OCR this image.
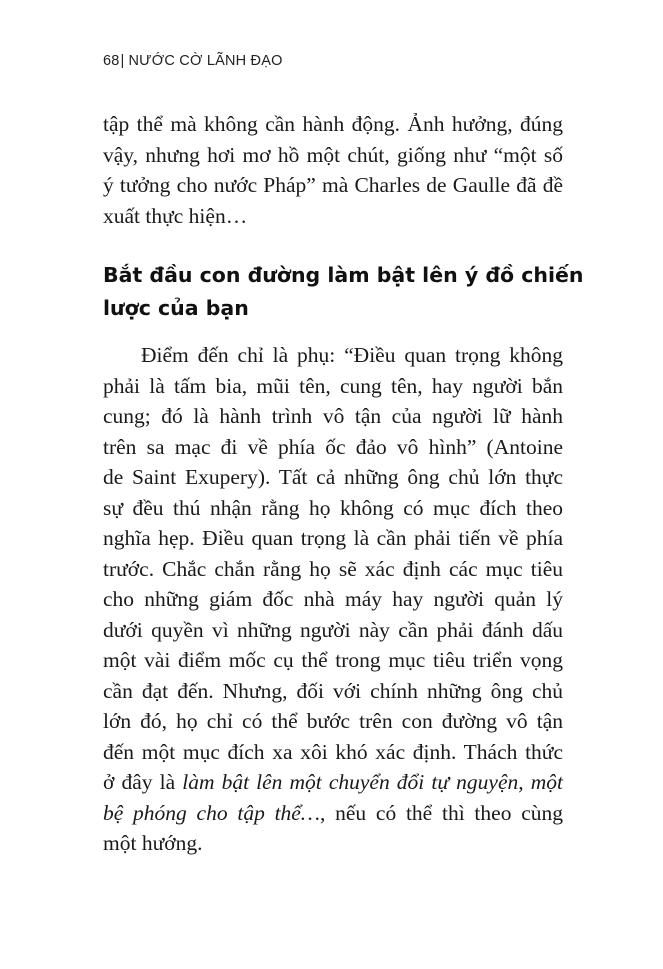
68| NƯỚC CỜ LÃNH ĐẠO
tập thể mà không cần hành động. Ảnh hưởng, đúng
vậy, nhưng hơi mơ hồ một chút, giống như “một số
ý tưởng cho nước Pháp” mà Charles de Gaulle đã đề
xuất thực hiện…
Bắt đầu con đường làm bật lên ý đồ chiến
lược của bạn
Điểm đến chỉ là phụ: “Điều quan trọng không
phải là tấm bia, mũi tên, cung tên, hay người bắn
cung; đó là hành trình vô tận của người lữ hành
trên sa mạc đi về phía ốc đảo vô hình” (Antoine
de Saint Exupery). Tất cả những ông chủ lớn thực
sự đều thú nhận rằng họ không có mục đích theo
nghĩa hẹp. Điều quan trọng là cần phải tiến về phía
trước. Chắc chắn rằng họ sẽ xác định các mục tiêu
cho những giám đốc nhà máy hay người quản lý
dưới quyền vì những người này cần phải đánh dấu
một vài điểm mốc cụ thể trong mục tiêu triển vọng
cần đạt đến. Nhưng, đối với chính những ông chủ
lớn đó, họ chỉ có thể bước trên con đường vô tận
đến một mục đích xa xôi khó xác định. Thách thức
ở đây là làm bật lên một chuyển đổi tự nguyện, một
bệ phóng cho tập thể…, nếu có thể thì theo cùng
một hướng.
